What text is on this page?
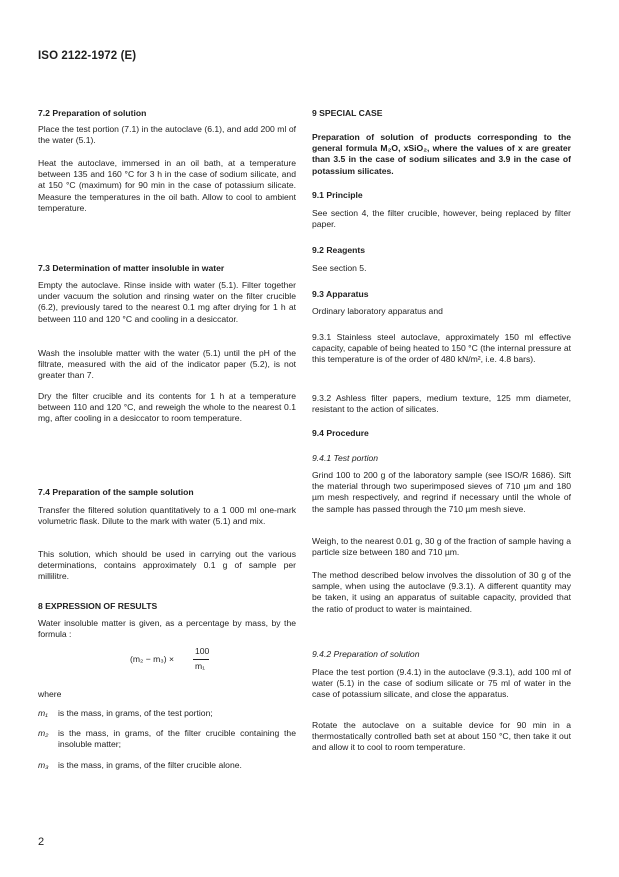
ISO 2122-1972 (E)
7.2 Preparation of solution
Place the test portion (7.1) in the autoclave (6.1), and add 200 ml of the water (5.1).
Heat the autoclave, immersed in an oil bath, at a temperature between 135 and 160 °C for 3 h in the case of sodium silicate, and at 150 °C (maximum) for 90 min in the case of potassium silicate. Measure the temperatures in the oil bath. Allow to cool to ambient temperature.
7.3 Determination of matter insoluble in water
Empty the autoclave. Rinse inside with water (5.1). Filter together under vacuum the solution and rinsing water on the filter crucible (6.2), previously tared to the nearest 0.1 mg after drying for 1 h at between 110 and 120 °C and cooling in a desiccator.
Wash the insoluble matter with the water (5.1) until the pH of the filtrate, measured with the aid of the indicator paper (5.2), is not greater than 7.
Dry the filter crucible and its contents for 1 h at a temperature between 110 and 120 °C, and reweigh the whole to the nearest 0.1 mg, after cooling in a desiccator to room temperature.
7.4 Preparation of the sample solution
Transfer the filtered solution quantitatively to a 1 000 ml one-mark volumetric flask. Dilute to the mark with water (5.1) and mix.
This solution, which should be used in carrying out the various determinations, contains approximately 0.1 g of sample per millilitre.
8 EXPRESSION OF RESULTS
Water insoluble matter is given, as a percentage by mass, by the formula :
(m₂ − m₃) ×
100
m₁
where
m₁ is the mass, in grams, of the test portion;
m₂ is the mass, in grams, of the filter crucible containing the insoluble matter;
m₃ is the mass, in grams, of the filter crucible alone.
9 SPECIAL CASE
Preparation of solution of products corresponding to the general formula M₂O, xSiO₂, where the values of x are greater than 3.5 in the case of sodium silicates and 3.9 in the case of potassium silicates.
9.1 Principle
See section 4, the filter crucible, however, being replaced by filter paper.
9.2 Reagents
See section 5.
9.3 Apparatus
Ordinary laboratory apparatus and
9.3.1 Stainless steel autoclave, approximately 150 ml effective capacity, capable of being heated to 150 °C (the internal pressure at this temperature is of the order of 480 kN/m², i.e. 4.8 bars).
9.3.2 Ashless filter papers, medium texture, 125 mm diameter, resistant to the action of silicates.
9.4 Procedure
9.4.1 Test portion
Grind 100 to 200 g of the laboratory sample (see ISO/R 1686). Sift the material through two superimposed sieves of 710 µm and 180 µm mesh respectively, and regrind if necessary until the whole of the sample has passed through the 710 µm mesh sieve.
Weigh, to the nearest 0.01 g, 30 g of the fraction of sample having a particle size between 180 and 710 µm.
The method described below involves the dissolution of 30 g of the sample, when using the autoclave (9.3.1). A different quantity may be taken, it using an apparatus of suitable capacity, provided that the ratio of product to water is maintained.
9.4.2 Preparation of solution
Place the test portion (9.4.1) in the autoclave (9.3.1), add 100 ml of water (5.1) in the case of sodium silicate or 75 ml of water in the case of potassium silicate, and close the apparatus.
Rotate the autoclave on a suitable device for 90 min in a thermostatically controlled bath set at about 150 °C, then take it out and allow it to cool to room temperature.
2
